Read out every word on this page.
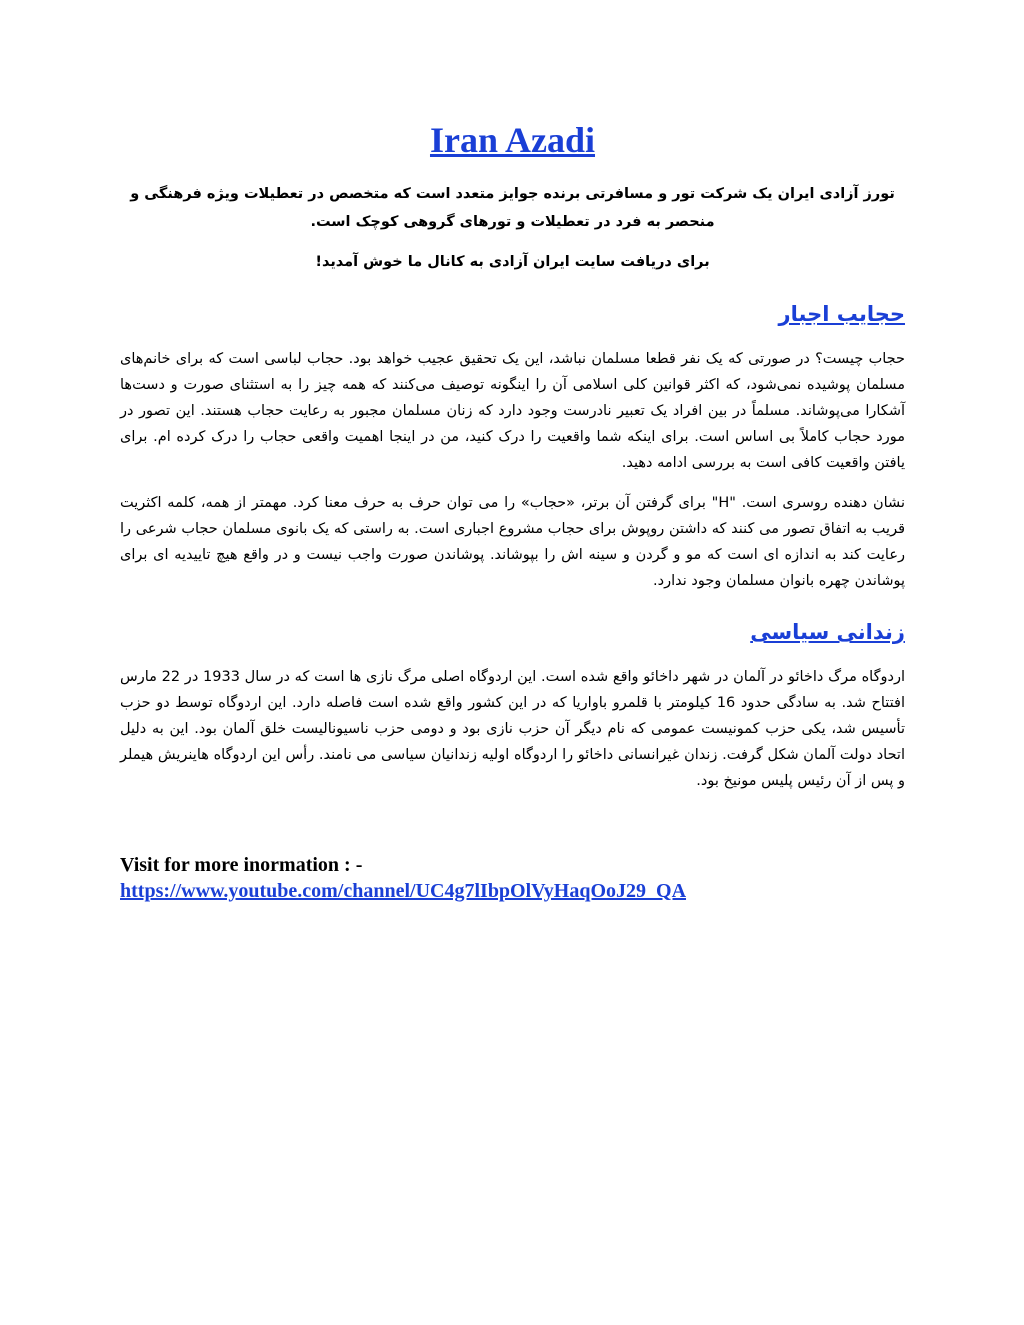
Iran Azadi

تورز آزادی ایران یک شرکت تور و مسافرتی برنده جوایز متعدد است که متخصص در تعطیلات ویژه فرهنگی و منحصر به فرد در تعطیلات و تورهای گروهی کوچک است.

برای دریافت سایت ایران آزادی به کانال ما خوش آمدید!

حجایب اجبار

حجاب چیست؟ در صورتی که یک نفر قطعا مسلمان نباشد، این یک تحقیق عجیب خواهد بود. حجاب لباسی است که برای خانم‌های مسلمان پوشیده نمی‌شود، که اکثر قوانین کلی اسلامی آن را اینگونه توصیف می‌کنند که همه چیز را به استثنای صورت و دست‌ها آشکارا می‌پوشاند. مسلماً در بین افراد یک تعبیر نادرست وجود دارد که زنان مسلمان مجبور به رعایت حجاب هستند. این تصور در مورد حجاب کاملاً بی اساس است. برای اینکه شما واقعیت را درک کنید، من در اینجا اهمیت واقعی حجاب را درک کرده ام. برای یافتن واقعیت کافی است به بررسی ادامه دهید.

نشان دهنده روسری است. "H" برای گرفتن آن برتر، «حجاب» را می توان حرف به حرف معنا کرد. مهمتر از همه، کلمه اکثریت قریب به اتفاق تصور می کنند که داشتن روپوش برای حجاب مشروع اجباری است. به راستی که یک بانوی مسلمان حجاب شرعی را رعایت کند به اندازه ای است که مو و گردن و سینه اش را بپوشاند. پوشاندن صورت واجب نیست و در واقع هیچ تاییدیه ای برای پوشاندن چهره بانوان مسلمان وجود ندارد.

زندانی سیاسی

اردوگاه مرگ داخائو در آلمان در شهر داخائو واقع شده است. این اردوگاه اصلی مرگ نازی ها است که در سال 1933 در 22 مارس افتتاح شد. به سادگی حدود 16 کیلومتر با قلمرو باواریا که در این کشور واقع شده است فاصله دارد. این اردوگاه توسط دو حزب تأسیس شد، یکی حزب کمونیست عمومی که نام دیگر آن حزب نازی بود و دومی حزب ناسیونالیست خلق آلمان بود. این به دلیل اتحاد دولت آلمان شکل گرفت. زندان غیرانسانی داخائو را اردوگاه اولیه زندانیان سیاسی می نامند. رأس این اردوگاه هاینریش هیملر و پس از آن رئیس پلیس مونیخ بود.

Visit for more inormation : -
https://www.youtube.com/channel/UC4g7lIbpOlVyHaqOoJ29_QA
